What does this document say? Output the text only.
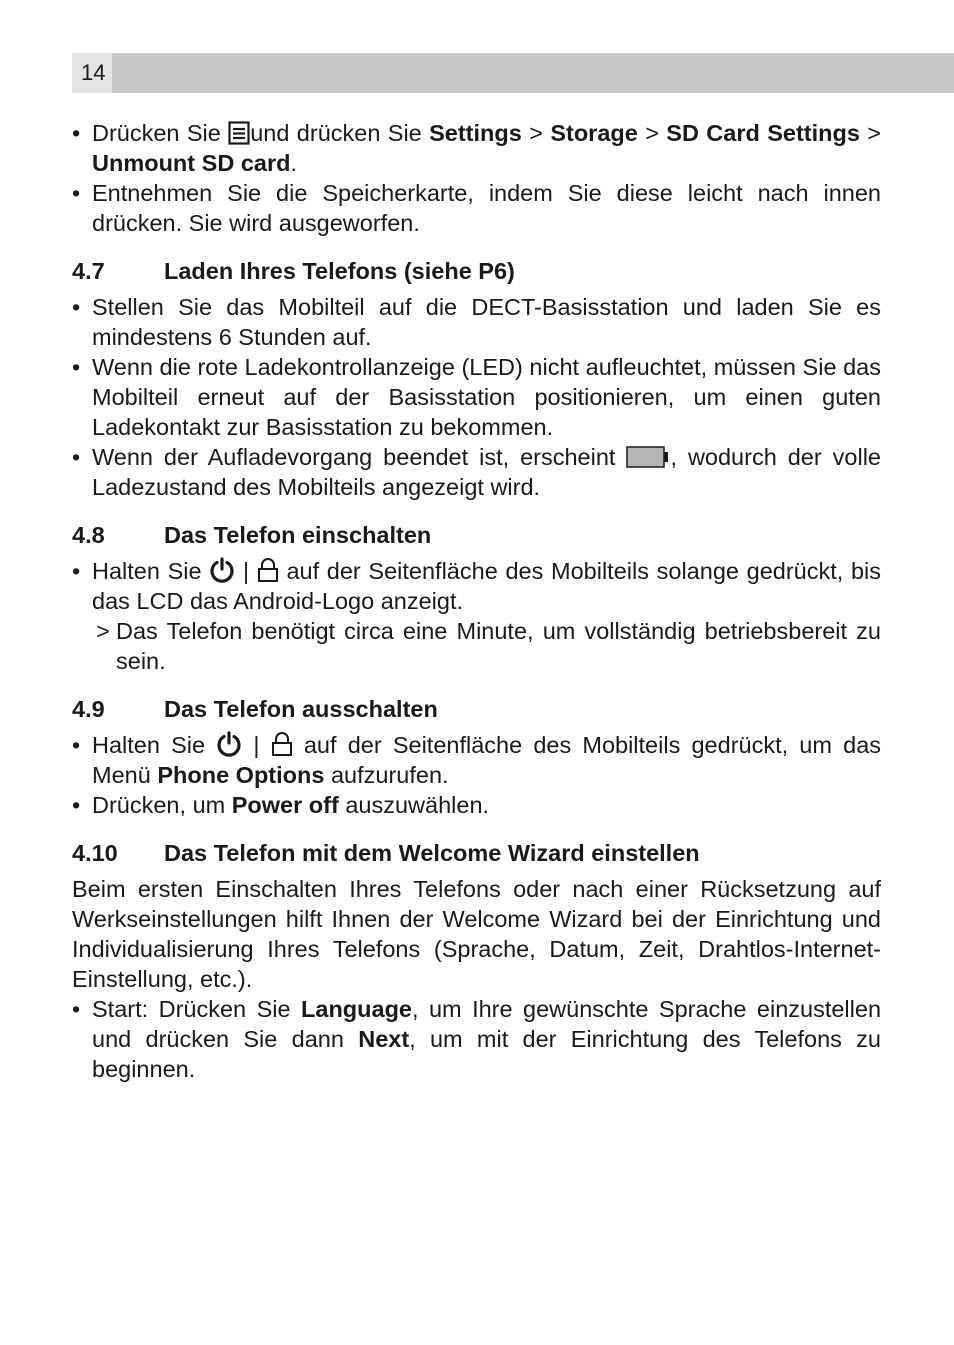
14
• Drücken Sie und drücken Sie Settings > Storage > SD Card Settings > Unmount SD card.
• Entnehmen Sie die Speicherkarte, indem Sie diese leicht nach innen drücken. Sie wird ausgeworfen.
4.7	Laden Ihres Telefons (siehe P6)
• Stellen Sie das Mobilteil auf die DECT-Basisstation und laden Sie es mindestens 6 Stunden auf.
• Wenn die rote Ladekontrollanzeige (LED) nicht aufleuchtet, müssen Sie das Mobilteil erneut auf der Basisstation positionieren, um einen guten Ladekontakt zur Basisstation zu bekommen.
• Wenn der Aufladevorgang beendet ist, erscheint , wodurch der volle Ladezustand des Mobilteils angezeigt wird.
4.8	Das Telefon einschalten
• Halten Sie | auf der Seitenfläche des Mobilteils solange gedrückt, bis das LCD das Android-Logo anzeigt.
> Das Telefon benötigt circa eine Minute, um vollständig betriebsbereit zu sein.
4.9	Das Telefon ausschalten
• Halten Sie | auf der Seitenfläche des Mobilteils gedrückt, um das Menü Phone Options aufzurufen.
• Drücken, um Power off auszuwählen.
4.10	Das Telefon mit dem Welcome Wizard einstellen

Beim ersten Einschalten Ihres Telefons oder nach einer Rücksetzung auf Werkseinstellungen hilft Ihnen der Welcome Wizard bei der Einrichtung und Individualisierung Ihres Telefons (Sprache, Datum, Zeit, Drahtlos-Internet-Einstellung, etc.).

• Start: Drücken Sie Language, um Ihre gewünschte Sprache einzustellen und drücken Sie dann Next, um mit der Einrichtung des Telefons zu beginnen.
